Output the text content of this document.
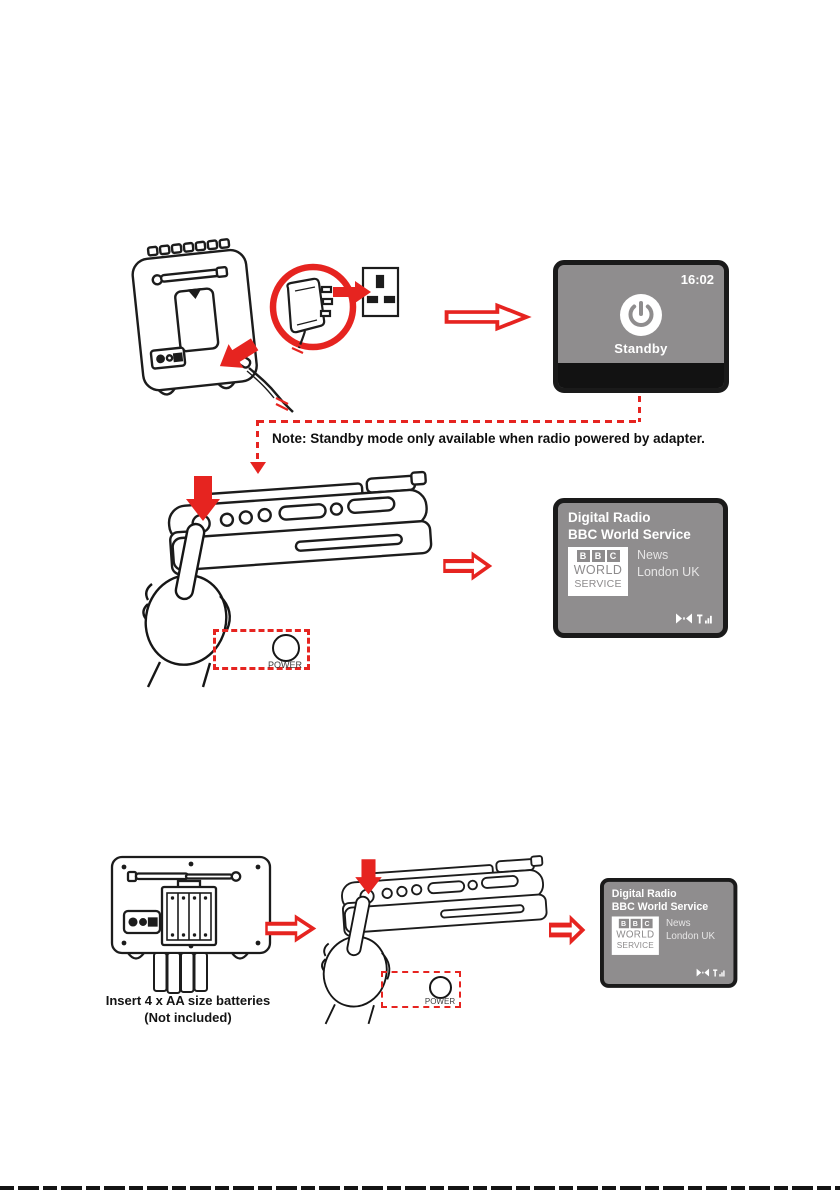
16:02
Standby
Note: Standby mode only available when radio powered by adapter.
POWER
Digital Radio
BBC World Service
B B C
WORLD
SERVICE
News
London UK
Insert 4 x AA size batteries
(Not included)
POWER
Digital Radio
BBC World Service
B B C
WORLD
SERVICE
News
London UK
